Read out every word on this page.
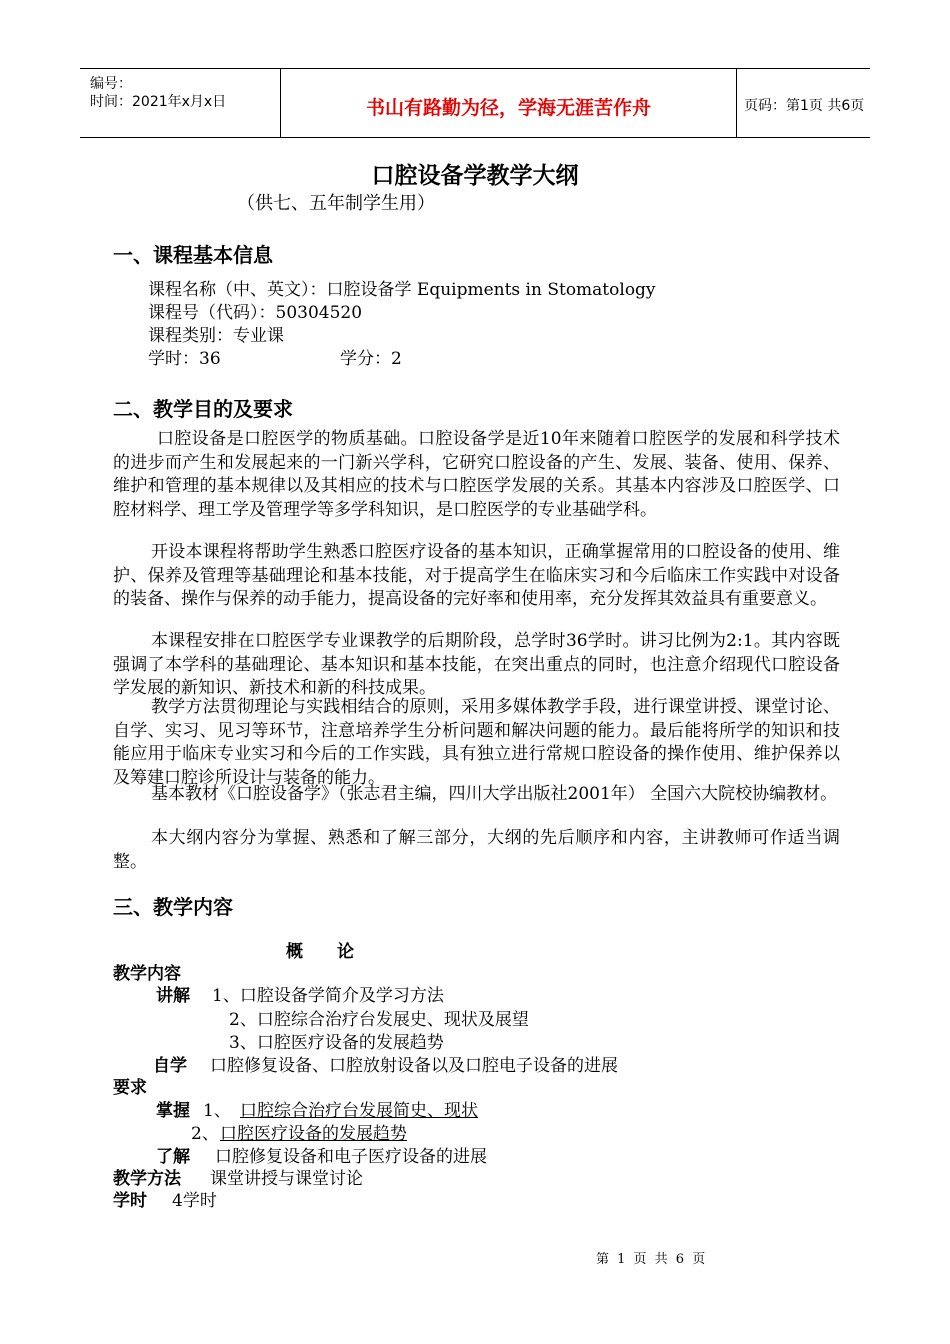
编号：
时间：2021年x月x日	书山有路勤为径，学海无涯苦作舟	页码：第1页 共6页
口腔设备学教学大纲
（供七、五年制学生用）
一、课程基本信息
课程名称（中、英文）：口腔设备学 Equipments in Stomatology
课程号（代码）：50304520
课程类别：专业课
学时：36	学分：2
二、教学目的及要求
口腔设备是口腔医学的物质基础。口腔设备学是近10年来随着口腔医学的发展和科学技术的进步而产生和发展起来的一门新兴学科，它研究口腔设备的产生、发展、装备、使用、保养、维护和管理的基本规律以及其相应的技术与口腔医学发展的关系。其基本内容涉及口腔医学、口腔材料学、理工学及管理学等多学科知识，是口腔医学的专业基础学科。
开设本课程将帮助学生熟悉口腔医疗设备的基本知识，正确掌握常用的口腔设备的使用、维护、保养及管理等基础理论和基本技能，对于提高学生在临床实习和今后临床工作实践中对设备的装备、操作与保养的动手能力，提高设备的完好率和使用率，充分发挥其效益具有重要意义。
本课程安排在口腔医学专业课教学的后期阶段，总学时36学时。讲习比例为2:1。其内容既强调了本学科的基础理论、基本知识和基本技能，在突出重点的同时，也注意介绍现代口腔设备学发展的新知识、新技术和新的科技成果。
教学方法贯彻理论与实践相结合的原则，采用多媒体教学手段，进行课堂讲授、课堂讨论、自学、实习、见习等环节，注意培养学生分析问题和解决问题的能力。最后能将所学的知识和技能应用于临床专业实习和今后的工作实践，具有独立进行常规口腔设备的操作使用、维护保养以及筹建口腔诊所设计与装备的能力。
基本教材《口腔设备学》（张志君主编，四川大学出版社2001年） 全国六大院校协编教材。
本大纲内容分为掌握、熟悉和了解三部分，大纲的先后顺序和内容，主讲教师可作适当调整。
三、教学内容
概　　论
教学内容
讲解 1、口腔设备学简介及学习方法
2、口腔综合治疗台发展史、现状及展望
3、口腔医疗设备的发展趋势
自学 口腔修复设备、口腔放射设备以及口腔电子设备的进展
要求
掌握 1、 口腔综合治疗台发展简史、现状
2、 口腔医疗设备的发展趋势
了解 口腔修复设备和电子医疗设备的进展
教学方法 课堂讲授与课堂讨论
学时 4学时
第 1 页 共 6 页
